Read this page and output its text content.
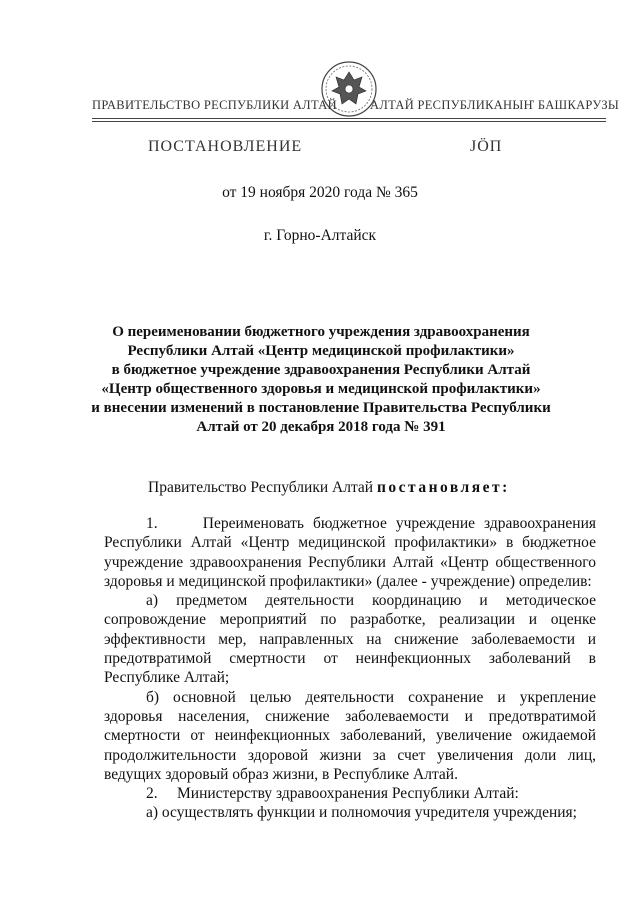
ПРАВИТЕЛЬСТВО РЕСПУБЛИКИ АЛТАЙ	АЛТАЙ РЕСПУБЛИКАНЫҤ БАШКАРУЗЫ
ПОСТАНОВЛЕНИЕ	JÖП
от 19 ноября 2020 года № 365
г. Горно-Алтайск
О переименовании бюджетного учреждения здравоохранения
Республики Алтай «Центр медицинской профилактики»
в бюджетное учреждение здравоохранения Республики Алтай
«Центр общественного здоровья и медицинской профилактики»
и внесении изменений в постановление Правительства Республики
Алтай от 20 декабря 2018 года № 391
Правительство Республики Алтай постановляет:

1.     Переименовать бюджетное учреждение здравоохранения Республики Алтай «Центр медицинской профилактики» в бюджетное учреждение здравоохранения Республики Алтай «Центр общественного здоровья и медицинской профилактики» (далее - учреждение) определив:

а) предметом деятельности координацию и методическое сопровождение мероприятий по разработке, реализации и оценке эффективности мер, направленных на снижение заболеваемости и предотвратимой смертности от неинфекционных заболеваний в Республике Алтай;

б) основной целью деятельности сохранение и укрепление здоровья населения, снижение заболеваемости и предотвратимой смертности от неинфекционных заболеваний, увеличение ожидаемой продолжительности здоровой жизни за счет увеличения доли лиц, ведущих здоровый образ жизни, в Республике Алтай.

2.     Министерству здравоохранения Республики Алтай:

а) осуществлять функции и полномочия учредителя учреждения;
